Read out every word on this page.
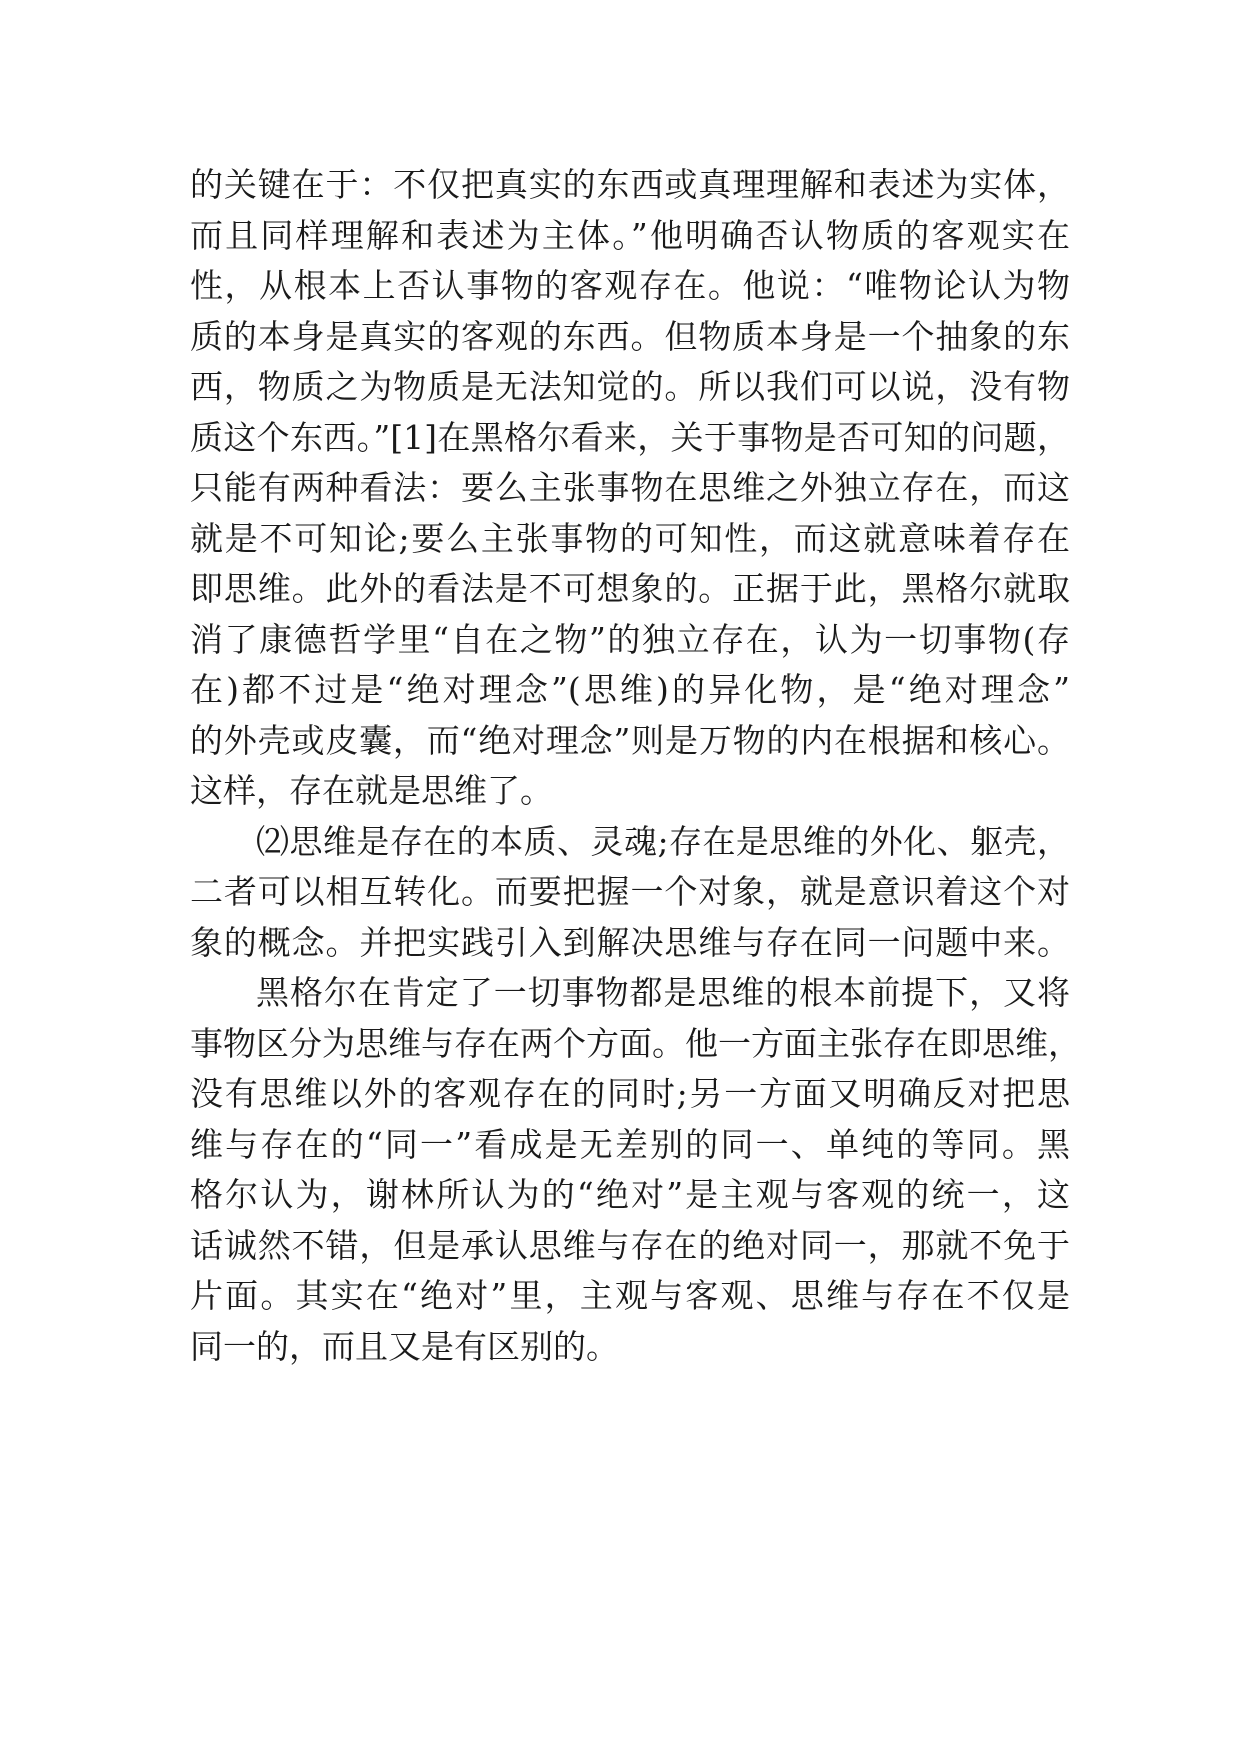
的关键在于：不仅把真实的东西或真理理解和表述为实体，
而且同样理解和表述为主体。”他明确否认物质的客观实在
性，从根本上否认事物的客观存在。他说：“唯物论认为物
质的本身是真实的客观的东西。但物质本身是一个抽象的东
西，物质之为物质是无法知觉的。所以我们可以说，没有物
质这个东西。”[1]在黑格尔看来，关于事物是否可知的问题，
只能有两种看法：要么主张事物在思维之外独立存在，而这
就是不可知论;要么主张事物的可知性，而这就意味着存在
即思维。此外的看法是不可想象的。正据于此，黑格尔就取
消了康德哲学里“自在之物”的独立存在，认为一切事物(存
在)都不过是“绝对理念”(思维)的异化物，是“绝对理念”
的外壳或皮囊，而“绝对理念”则是万物的内在根据和核心。
这样，存在就是思维了。
⑵思维是存在的本质、灵魂;存在是思维的外化、躯壳，
二者可以相互转化。而要把握一个对象，就是意识着这个对
象的概念。并把实践引入到解决思维与存在同一问题中来。
黑格尔在肯定了一切事物都是思维的根本前提下，又将
事物区分为思维与存在两个方面。他一方面主张存在即思维，
没有思维以外的客观存在的同时;另一方面又明确反对把思
维与存在的“同一”看成是无差别的同一、单纯的等同。黑
格尔认为，谢林所认为的“绝对”是主观与客观的统一，这
话诚然不错，但是承认思维与存在的绝对同一，那就不免于
片面。其实在“绝对”里，主观与客观、思维与存在不仅是
同一的，而且又是有区别的。
